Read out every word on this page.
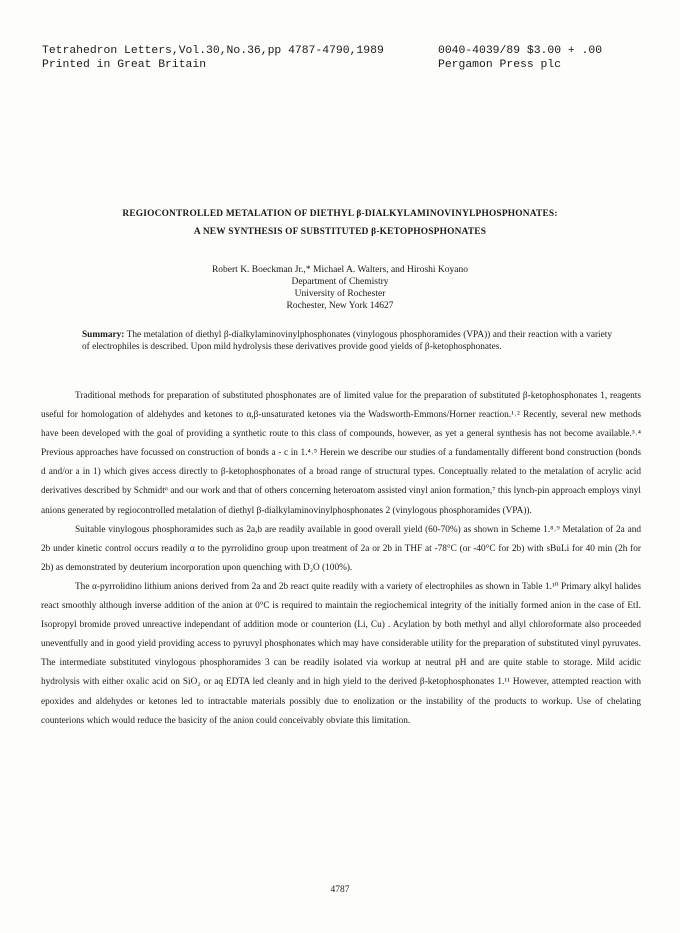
Tetrahedron Letters,Vol.30,No.36,pp 4787-4790,1989
Printed in Great Britain
0040-4039/89 $3.00 + .00
Pergamon Press plc
REGIOCONTROLLED METALATION OF DIETHYL β-DIALKYLAMINOVINYLPHOSPHONATES:
A NEW SYNTHESIS OF SUBSTITUTED β-KETOPHOSPHONATES
Robert K. Boeckman Jr.,* Michael A. Walters, and Hiroshi Koyano
Department of Chemistry
University of Rochester
Rochester, New York 14627
Summary: The metalation of diethyl β-dialkylaminovinylphosphonates (vinylogous phosphoramides (VPA)) and their reaction with a variety of electrophiles is described. Upon mild hydrolysis these derivatives provide good yields of β-ketophosphonates.

Traditional methods for preparation of substituted phosphonates are of limited value for the preparation of substituted β-ketophosphonates 1, reagents useful for homologation of aldehydes and ketones to α,β-unsaturated ketones via the Wadsworth-Emmons/Horner reaction.¹˒² Recently, several new methods have been developed with the goal of providing a synthetic route to this class of compounds, however, as yet a general synthesis has not become available.³˒⁴ Previous approaches have focussed on construction of bonds a - c in 1.⁴˒⁵ Herein we describe our studies of a fundamentally different bond construction (bonds d and/or a in 1) which gives access directly to β-ketophosphonates of a broad range of structural types. Conceptually related to the metalation of acrylic acid derivatives described by Schmidt⁶ and our work and that of others concerning heteroatom assisted vinyl anion formation,⁷ this lynch-pin approach employs vinyl anions generated by regiocontrolled metalation of diethyl β-dialkylaminovinylphosphonates 2 (vinylogous phosphoramides (VPA)).

Suitable vinylogous phosphoramides such as 2a,b are readily available in good overall yield (60-70%) as shown in Scheme 1.⁸˒⁹ Metalation of 2a and 2b under kinetic control occurs readily α to the pyrrolidino group upon treatment of 2a or 2b in THF at -78°C (or -40°C for 2b) with sBuLi for 40 min (2h for 2b) as demonstrated by deuterium incorporation upon quenching with D₂O (100%).

The α-pyrrolidino lithium anions derived from 2a and 2b react quite readily with a variety of electrophiles as shown in Table 1.¹⁰ Primary alkyl halides react smoothly although inverse addition of the anion at 0°C is required to maintain the regiochemical integrity of the initially formed anion in the case of EtI. Isopropyl bromide proved unreactive independant of addition mode or counterion (Li, Cu) . Acylation by both methyl and allyl chloroformate also proceeded uneventfully and in good yield providing access to pyruvyl phosphonates which may have considerable utility for the preparation of substituted vinyl pyruvates. The intermediate substituted vinylogous phosphoramides 3 can be readily isolated via workup at neutral pH and are quite stable to storage. Mild acidic hydrolysis with either oxalic acid on SiO₂ or aq EDTA led cleanly and in high yield to the derived β-ketophosphonates 1.¹¹ However, attempted reaction with epoxides and aldehydes or ketones led to intractable materials possibly due to enolization or the instability of the products to workup. Use of chelating counterions which would reduce the basicity of the anion could conceivably obviate this limitation.

4787
